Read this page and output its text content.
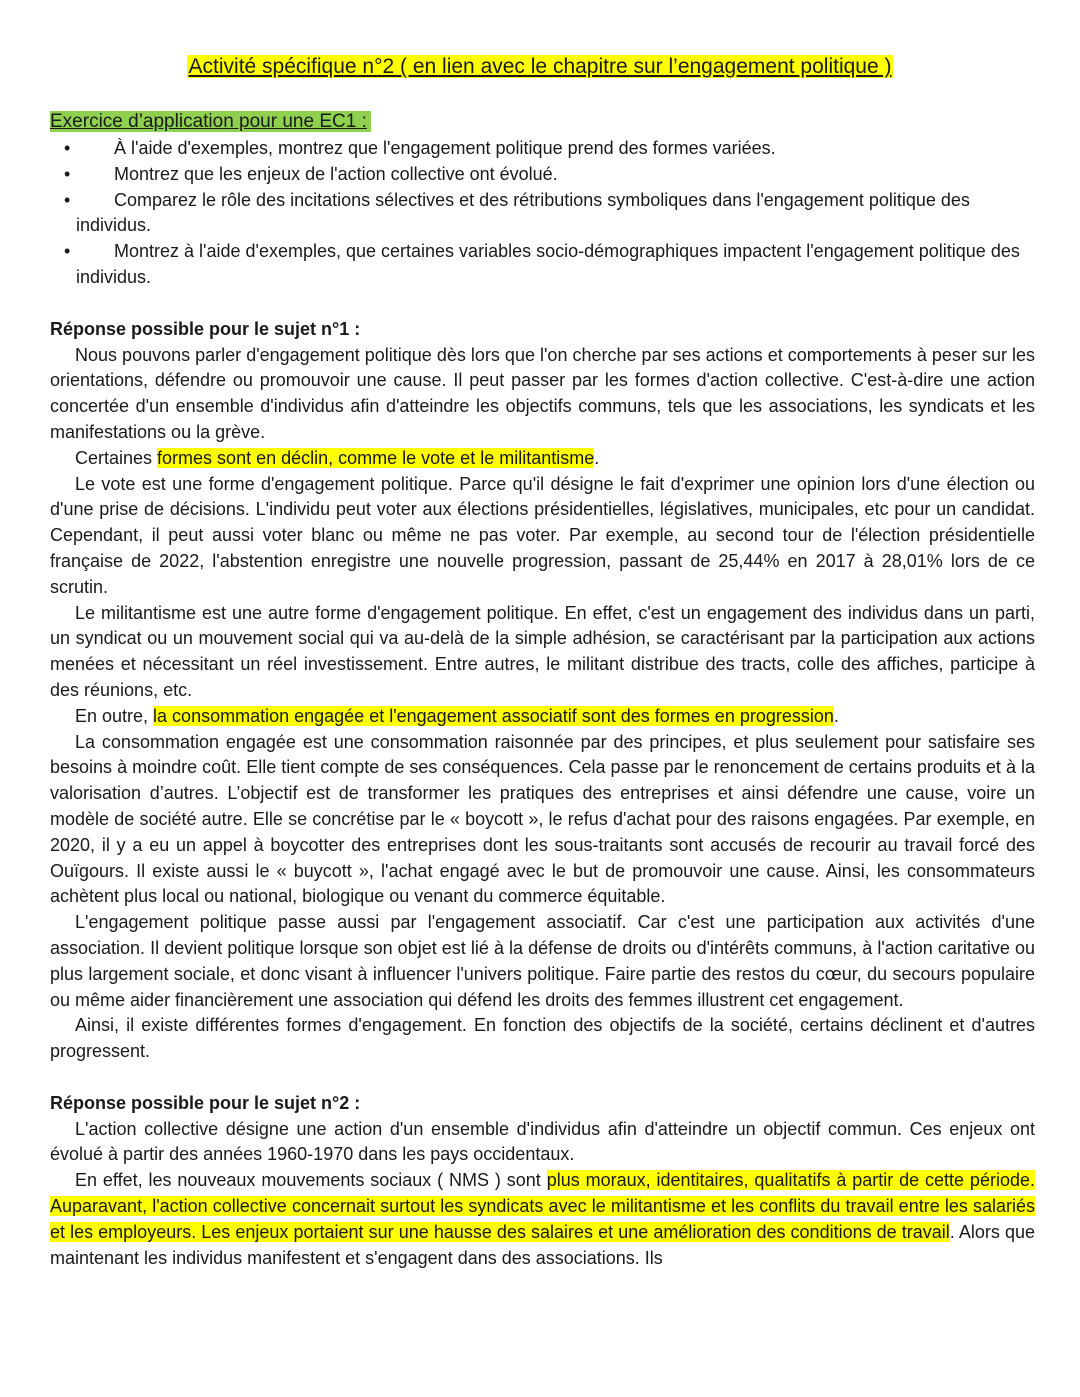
Activité spécifique n°2 ( en lien avec le chapitre sur l’engagement politique )
Exercice d’application pour une EC1 :
• À l'aide d'exemples, montrez que l'engagement politique prend des formes variées.
• Montrez que les enjeux de l'action collective ont évolué.
• Comparez le rôle des incitations sélectives et des rétributions symboliques dans l'engagement politique des individus.
• Montrez à l'aide d'exemples, que certaines variables socio-démographiques impactent l'engagement politique des individus.
Réponse possible pour le sujet n°1 :

Nous pouvons parler d'engagement politique dès lors que l'on cherche par ses actions et comportements à peser sur les orientations, défendre ou promouvoir une cause. Il peut passer par les formes d'action collective. C'est-à-dire une action concertée d'un ensemble d'individus afin d'atteindre les objectifs communs, tels que les associations, les syndicats et les manifestations ou la grève.

Certaines formes sont en déclin, comme le vote et le militantisme.

Le vote est une forme d'engagement politique. Parce qu'il désigne le fait d'exprimer une opinion lors d'une élection ou d'une prise de décisions. L'individu peut voter aux élections présidentielles, législatives, municipales, etc pour un candidat. Cependant, il peut aussi voter blanc ou même ne pas voter. Par exemple, au second tour de l'élection présidentielle française de 2022, l'abstention enregistre une nouvelle progression, passant de 25,44% en 2017 à 28,01% lors de ce scrutin.

Le militantisme est une autre forme d'engagement politique. En effet, c'est un engagement des individus dans un parti, un syndicat ou un mouvement social qui va au-delà de la simple adhésion, se caractérisant par la participation aux actions menées et nécessitant un réel investissement. Entre autres, le militant distribue des tracts, colle des affiches, participe à des réunions, etc.

En outre, la consommation engagée et l'engagement associatif sont des formes en progression.

La consommation engagée est une consommation raisonnée par des principes, et plus seulement pour satisfaire ses besoins à moindre coût. Elle tient compte de ses conséquences. Cela passe par le renoncement de certains produits et à la valorisation d’autres. L’objectif est de transformer les pratiques des entreprises et ainsi défendre une cause, voire un modèle de société autre. Elle se concrétise par le « boycott », le refus d'achat pour des raisons engagées. Par exemple, en 2020, il y a eu un appel à boycotter des entreprises dont les sous-traitants sont accusés de recourir au travail forcé des Ouïgours. Il existe aussi le « buycott », l'achat engagé avec le but de promouvoir une cause. Ainsi, les consommateurs achètent plus local ou national, biologique ou venant du commerce équitable.

L'engagement politique passe aussi par l'engagement associatif. Car c'est une participation aux activités d'une association. Il devient politique lorsque son objet est lié à la défense de droits ou d'intérêts communs, à l'action caritative ou plus largement sociale, et donc visant à influencer l'univers politique. Faire partie des restos du cœur, du secours populaire ou même aider financièrement une association qui défend les droits des femmes illustrent cet engagement.

Ainsi, il existe différentes formes d'engagement. En fonction des objectifs de la société, certains déclinent et d'autres progressent.

Réponse possible pour le sujet n°2 :

L'action collective désigne une action d'un ensemble d'individus afin d'atteindre un objectif commun. Ces enjeux ont évolué à partir des années 1960-1970 dans les pays occidentaux.

En effet, les nouveaux mouvements sociaux ( NMS ) sont plus moraux, identitaires, qualitatifs à partir de cette période. Auparavant, l'action collective concernait surtout les syndicats avec le militantisme et les conflits du travail entre les salariés et les employeurs. Les enjeux portaient sur une hausse des salaires et une amélioration des conditions de travail. Alors que maintenant les individus manifestent et s'engagent dans des associations. Ils
